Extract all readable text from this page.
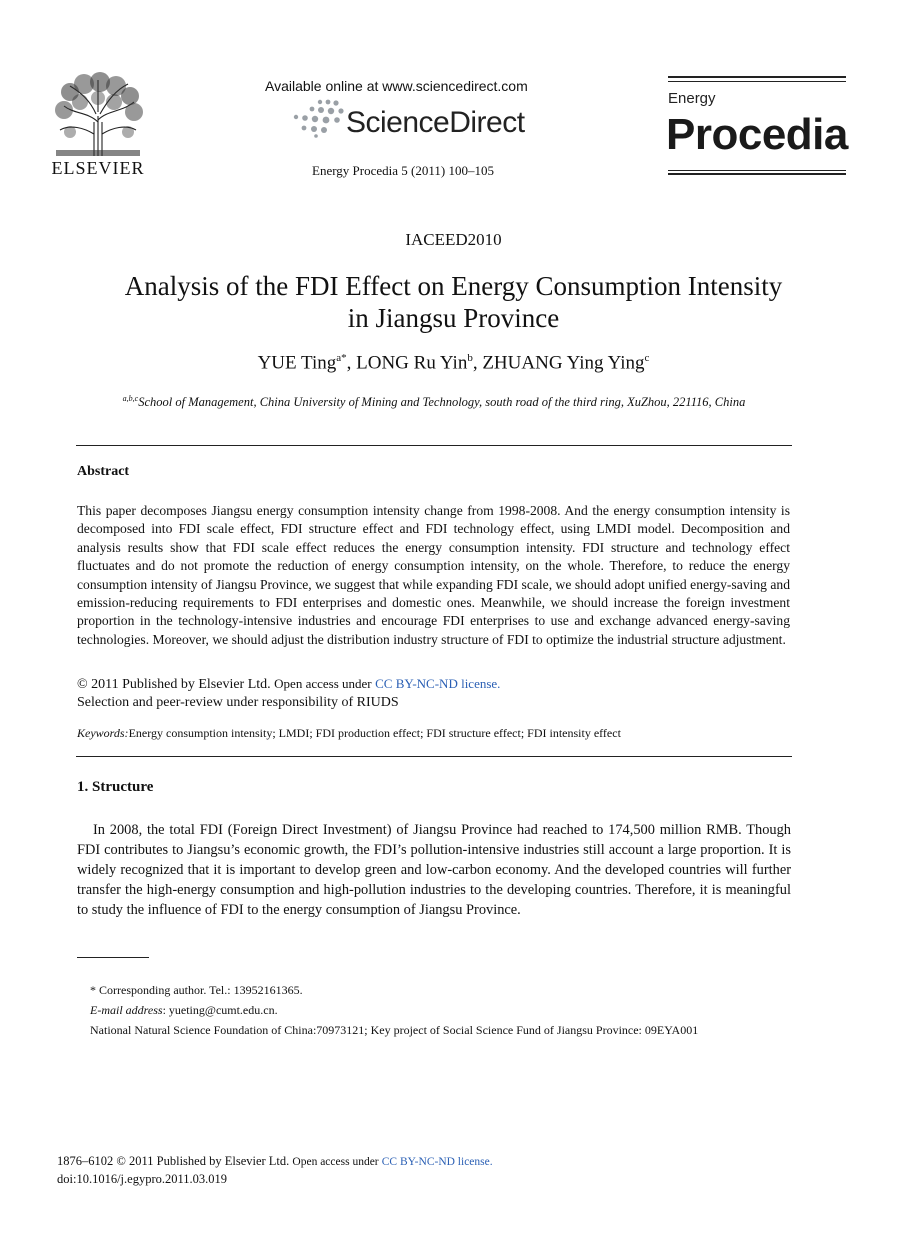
ELSEVIER
Available online at www.sciencedirect.com
ScienceDirect
Energy Procedia 5 (2011) 100–105
Energy
Procedia
IACEED2010
Analysis of the FDI Effect on Energy Consumption Intensity
in Jiangsu Province
YUE Ting$^{a*}$, LONG Ru Yin$^b$, ZHUANG Ying Ying$^c$
$^{a,b,c}$School of Management, China University of Mining and Technology, south road of the third ring, XuZhou, 221116, China
Abstract
This paper decomposes Jiangsu energy consumption intensity change from 1998-2008. And the energy consumption intensity is decomposed into FDI scale effect, FDI structure effect and FDI technology effect, using LMDI model. Decomposition and analysis results show that FDI scale effect reduces the energy consumption intensity. FDI structure and technology effect fluctuates and do not promote the reduction of energy consumption intensity, on the whole. Therefore, to reduce the energy consumption intensity of Jiangsu Province, we suggest that while expanding FDI scale, we should adopt unified energy-saving and emission-reducing requirements to FDI enterprises and domestic ones. Meanwhile, we should increase the foreign investment proportion in the technology-intensive industries and encourage FDI enterprises to use and exchange advanced energy-saving technologies. Moreover, we should adjust the distribution industry structure of FDI to optimize the industrial structure adjustment.
© 2011 Published by Elsevier Ltd. Open access under CC BY-NC-ND license.
Selection and peer-review under responsibility of RIUDS
Keywords:Energy consumption intensity; LMDI; FDI production effect; FDI structure effect; FDI intensity effect
1. Structure

In 2008, the total FDI (Foreign Direct Investment) of Jiangsu Province had reached to 174,500 million RMB. Though FDI contributes to Jiangsu’s economic growth, the FDI’s pollution-intensive industries still account a large proportion. It is widely recognized that it is important to develop green and low-carbon economy. And the developed countries will further transfer the high-energy consumption and high-pollution industries to the developing countries. Therefore, it is meaningful to study the influence of FDI to the energy consumption of Jiangsu Province.

* Corresponding author. Tel.: 13952161365.
E-mail address: yueting@cumt.edu.cn.
National Natural Science Foundation of China:70973121; Key project of Social Science Fund of Jiangsu Province: 09EYA001
1876–6102 © 2011 Published by Elsevier Ltd. Open access under CC BY-NC-ND license.
doi:10.1016/j.egypro.2011.03.019
